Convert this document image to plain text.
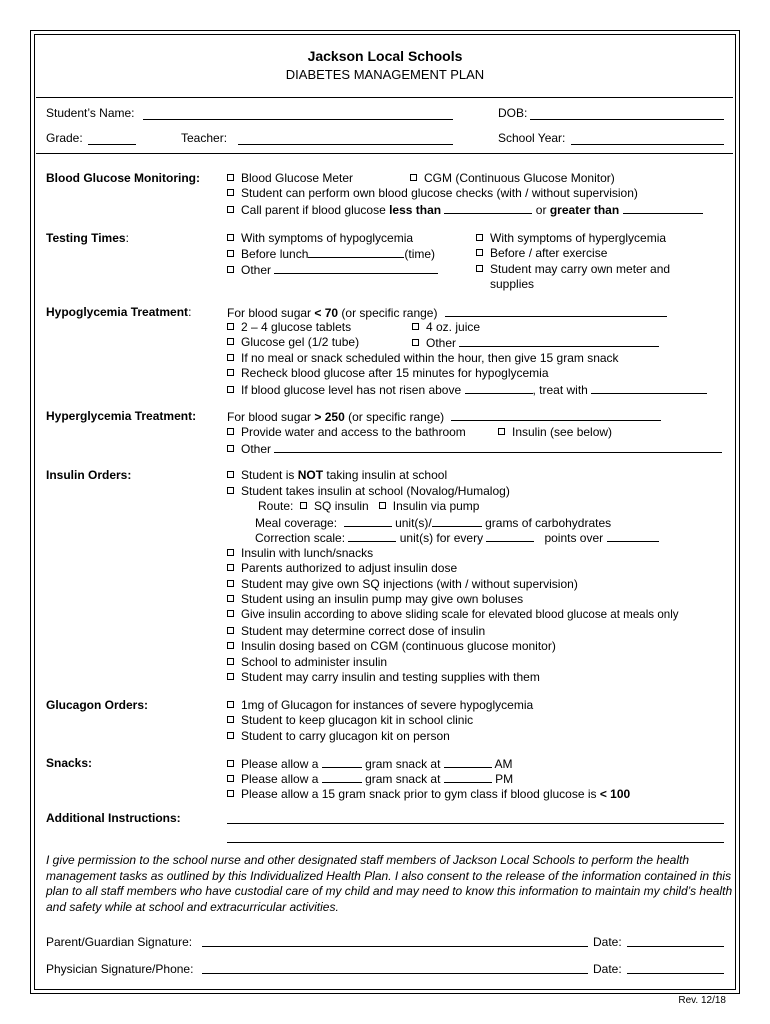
Jackson Local Schools
DIABETES MANAGEMENT PLAN
Student’s Name:	DOB:
Grade:	Teacher:	School Year:
Blood Glucose Monitoring:	Blood Glucose Meter	CGM (Continuous Glucose Monitor)
Student can perform own blood glucose checks (with / without supervision)
Call parent if blood glucose less than	or greater than
Testing Times:	With symptoms of hypoglycemia	With symptoms of hyperglycemia
Before lunch	(time)	Before / after exercise
Other	Student may carry own meter and
supplies
Hypoglycemia Treatment:	For blood sugar < 70 (or specific range)
2 – 4 glucose tablets	4 oz. juice
Glucose gel (1/2 tube)	Other
If no meal or snack scheduled within the hour, then give 15 gram snack
Recheck blood glucose after 15 minutes for hypoglycemia
If blood glucose level has not risen above	, treat with
Hyperglycemia Treatment:	For blood sugar > 250 (or specific range)
Provide water and access to the bathroom	Insulin (see below)
Other
Insulin Orders:	Student is NOT taking insulin at school
Student takes insulin at school (Novalog/Humalog)
Route: SQ insulin Insulin via pump
Meal coverage:	unit(s)/	grams of carbohydrates
Correction scale:	unit(s) for every	points over
Insulin with lunch/snacks
Parents authorized to adjust insulin dose
Student may give own SQ injections (with / without supervision)
Student using an insulin pump may give own boluses
Give insulin according to above sliding scale for elevated blood glucose at meals only
Student may determine correct dose of insulin
Insulin dosing based on CGM (continuous glucose monitor)
School to administer insulin
Student may carry insulin and testing supplies with them
Glucagon Orders:	1mg of Glucagon for instances of severe hypoglycemia
Student to keep glucagon kit in school clinic
Student to carry glucagon kit on person
Snacks:	Please allow a	gram snack at	AM
Please allow a	gram snack at	PM
Please allow a 15 gram snack prior to gym class if blood glucose is < 100
Additional Instructions:
I give permission to the school nurse and other designated staff members of Jackson Local Schools to perform the health management tasks as outlined by this Individualized Health Plan. I also consent to the release of the information contained in this plan to all staff members who have custodial care of my child and may need to know this information to maintain my child’s health and safety while at school and extracurricular activities.
Parent/Guardian Signature:	Date:
Physician Signature/Phone:	Date:
Rev. 12/18
